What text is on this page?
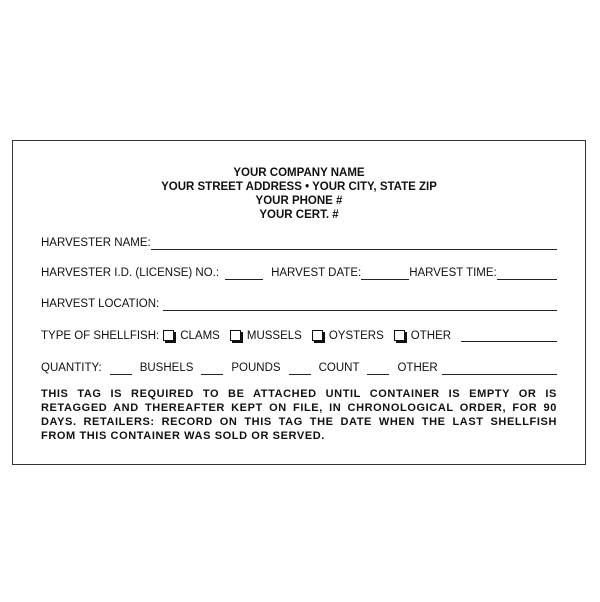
YOUR COMPANY NAME
YOUR STREET ADDRESS • YOUR CITY, STATE ZIP
YOUR PHONE #
YOUR CERT. #
HARVESTER NAME:
HARVESTER I.D. (LICENSE) NO.:	HARVEST DATE:	HARVEST TIME:
HARVEST LOCATION:
TYPE OF SHELLFISH: CLAMS MUSSELS OYSTERS OTHER
QUANTITY:	BUSHELS	POUNDS	COUNT	OTHER
THIS TAG IS REQUIRED TO BE ATTACHED UNTIL CONTAINER IS EMPTY OR IS RETAGGED AND THEREAFTER KEPT ON FILE, IN CHRONOLOGICAL ORDER, FOR 90 DAYS. RETAILERS: RECORD ON THIS TAG THE DATE WHEN THE LAST SHELLFISH FROM THIS CONTAINER WAS SOLD OR SERVED.
